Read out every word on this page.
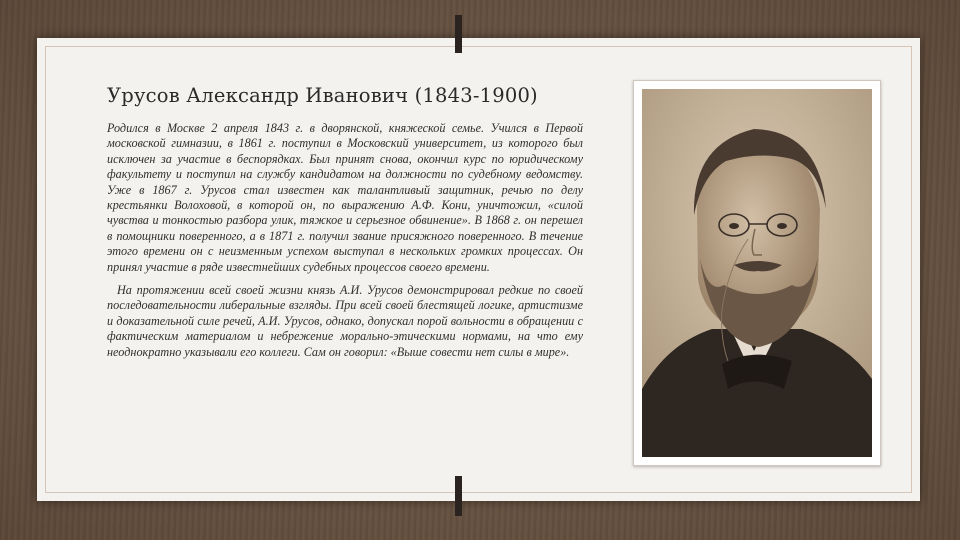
Урусов Александр Иванович (1843-1900)

Родился в Москве 2 апреля 1843 г. в дворянской, княжеской семье. Учился в Первой московской гимназии, в 1861 г. поступил в Московский университет, из которого был исключен за участие в беспорядках. Был принят снова, окончил курс по юридическому факультету и поступил на службу кандидатом на должности по судебному ведомству. Уже в 1867 г. Урусов стал известен как талантливый защитник, речью по делу крестьянки Волоховой, в которой он, по выражению А.Ф. Кони, уничтожил, «силой чувства и тонкостью разбора улик, тяжкое и серьезное обвинение». В 1868 г. он перешел в помощники поверенного, а в 1871 г. получил звание присяжного поверенного. В течение этого времени он с неизменным успехом выступал в нескольких громких процессах. Он принял участие в ряде известнейших судебных процессов своего времени.

На протяжении всей своей жизни князь А.И. Урусов демонстрировал редкие по своей последовательности либеральные взгляды. При всей своей блестящей логике, артистизме и доказательной силе речей, А.И. Урусов, однако, допускал порой вольности в обращении с фактическим материалом и небрежение морально-этическими нормами, на что ему неоднократно указывали его коллеги. Сам он говорил: «Выше совести нет силы в мире».
